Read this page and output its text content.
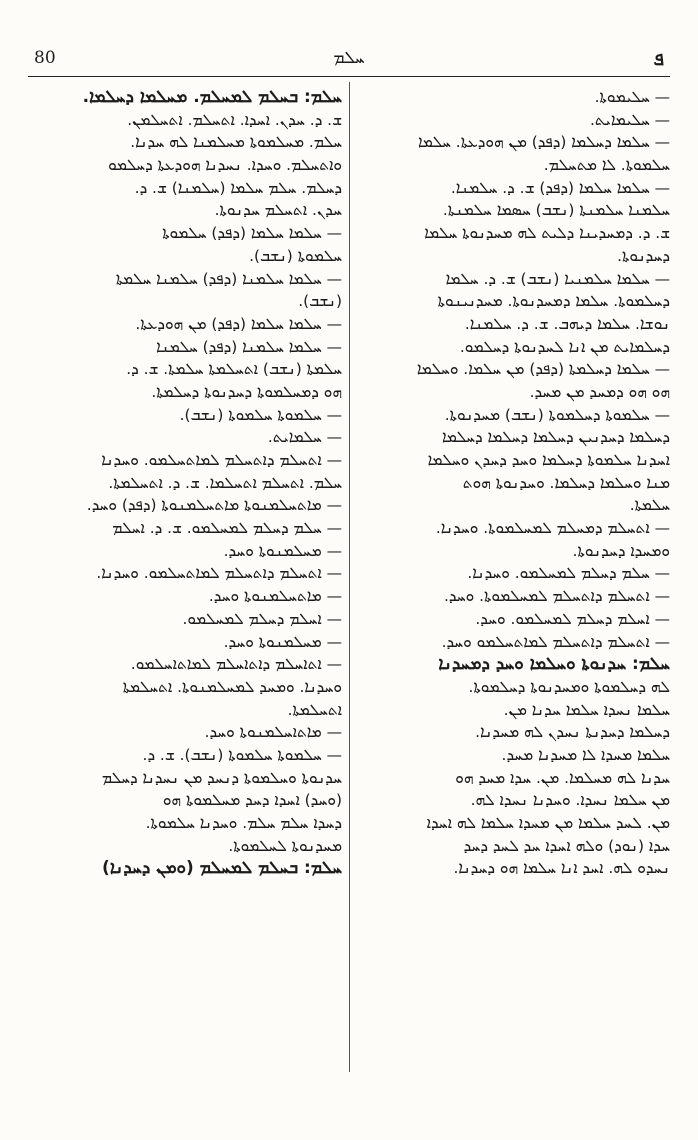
80	ܚܠܡ	ܦ
— ܚܠܝܡܘܬܐ.
— ܚܠܝܡܐܝܬ.
— ܚܠܡܐ ܕܚܠܡܐ (ܕܦܕ) ܡܢ ܗܘܕܥܬܐ. ܚܠܡܐ
ܚܠܡܘܬܐ. ܠܐ ܡܬܚܠܡ.
— ܚܠܡܐ ܚܠܡܐ (ܕܦܕ) ܫ. ܕ. ܚܠܡܢܐ.
ܚܠܡܢܐ ܚܠܡܢܬܐ (ܢܫܒ) ܚܣܡܐ ܚܠܡܢܬܐ.
ܫ. ܕ. ܕܡܚܕܝܢܐ ܕܠܝܬ ܠܗ ܡܚܕܢܘܬܐ ܚܠܡܐ
ܕܚܕܢܘܬܐ.
— ܚܠܡܐ ܚܠܡܢܝܐ (ܢܫܒ) ܫ. ܕ. ܚܠܡܐ
ܕܚܠܡܘܬܐ. ܚܠܡܐ ܕܡܚܕܢܘܬܐ. ܡܚܕܢܝܢܘܬܐ
ܢܘܫܐ. ܚܠܡܐ ܕܝܗܒ. ܫ. ܕ. ܚܠܡܢܐ.
ܕܚܠܡܐܝܬ ܡܢ ܐܢܐ ܠܚܕܢܘܬܐ ܕܚܠܡܘ.
— ܚܠܡܐ ܕܚܠܡܬܐ (ܕܦܕ) ܡܢ ܚܠܡܐ. ܘܚܠܡܐ
ܗܘ ܗܘ ܕܡܚܕ ܡܢ ܡܚܕ.
— ܚܠܡܘܬܐ ܕܚܠܡܘܬܐ (ܢܫܒ) ܡܚܕܢܘܬܐ.
ܕܚܠܡܐ ܕܚܕܢܝܢ ܕܚܠܡܐ ܕܚܠܡܐ ܕܚܠܡܐ
ܐܚܕܢܐ ܚܠܡܘܬܐ ܕܚܠܡܐ ܘܚܕ ܕܚܕܢ ܘܚܠܡܐ
ܡܢܐ ܘܚܠܡܐ ܕܚܠܡܐ. ܘܚܕܢܘܬܐ ܗܘܬ
ܚܠܡܬܐ.
— ܐܬܚܠܡ ܕܡܚܠܡ ܠܡܚܠܡܘܬܐ. ܘܚܕܢܐ.
ܘܡܚܕܐ ܕܚܕܢܘܬܐ.
— ܚܠܡ ܕܚܠܡ ܠܡܚܠܡܘ. ܘܚܕܢܐ.
— ܐܬܚܠܡ ܕܐܬܚܠܡ ܠܡܚܠܡܘܬܐ. ܘܚܕ.
— ܐܚܠܡ ܕܚܠܡ ܠܡܚܠܡܘ. ܘܚܕ.
— ܐܬܚܠܡ ܕܐܬܚܠܡ ܠܡܐܬܚܠܡܘ ܘܚܕ.
ܚܠܡ: ܚܕܢܘܬܐ ܘܚܠܡܐ ܘܚܕ ܕܡܚܕܢܐ
ܠܗ ܕܚܠܡܘܬܐ ܘܡܚܕܢܘܬܐ ܕܚܠܡܘܬܐ.
ܚܠܡܐ ܢܚܕܐ ܚܠܡܐ ܚܕܢܐ ܡܢ.
ܕܚܠܡܐ ܕܚܕܢܬܐ ܢܚܕܢ ܠܗ ܡܚܕܢܐ.
ܚܠܡܐ ܡܚܕܐ ܠܐ ܡܚܕܢܐ ܡܚܕ.
ܚܕܢܐ ܠܗ ܡܚܠܡܐ. ܡܢ. ܚܕܐ ܡܚܕ ܗܘ
ܡܢ ܚܠܡܐ ܢܚܕܐ. ܘܚܕܢܐ ܢܚܕܐ ܠܗ.
ܡܢ. ܠܚܕ ܚܠܡܐ ܡܢ ܡܚܕܐ ܚܠܡܐ ܠܗ ܐܚܕܐ
ܚܕܐ (ܢܘܕ) ܘܠܗ ܐܚܕܐ ܚܕ ܠܚܕ ܕܚܕ
ܢܚܕܘ ܠܗ. ܐܚܕ ܐܢܐ ܚܠܡܐ ܗܘ ܕܚܕܢܐ.
ܚܠܡ: ܒܚܠܡ ܠܡܚܠܡ. ܡܚܠܡܐ ܕܚܠܡܐ.
ܫ. ܕ. ܚܕܢ. ܐܚܕܐ. ܐܬܚܠܡ. ܐܬܚܠܡܢ.
ܚܠܡ. ܡܚܠܡܘܬܐ ܡܚܠܡܢܐ ܠܗ ܚܕܢܐ.
ܘܐܬܚܠܡ. ܘܚܕܐ. ܢܚܕܢܐ ܗܘܕܥܬܐ ܕܚܠܡܘ
ܕܚܠܡ. ܚܠܡ ܚܠܡܐ (ܚܠܡܢܐ) ܫ. ܕ.
ܚܕܢ. ܐܬܚܠܡ ܚܕܢܘܬܐ.
— ܚܠܡܐ ܚܠܡܐ (ܕܦܕ) ܚܠܡܘܬܐ
ܚܠܡܘܬܐ (ܢܫܒ).
— ܚܠܡܐ ܚܠܡܢܐ (ܕܦܕ) ܚܠܡܢܐ ܚܠܡܬܐ
(ܢܫܒ).
— ܚܠܡܐ ܚܠܡܐ (ܕܦܕ) ܡܢ ܗܘܕܥܬܐ.
— ܚܠܡܐ ܚܠܡܢܐ (ܕܦܕ) ܚܠܡܢܐ
ܚܠܡܬܐ (ܢܫܒ) ܐܬܚܠܡܬܐ ܚܠܡܬܐ. ܫ. ܕ.
ܗܘ ܕܡܚܠܡܘܬܐ ܕܚܕܢܘܬܐ ܕܚܠܡܬܐ.
— ܚܠܡܘܬܐ ܚܠܡܘܬܐ (ܢܫܒ).
— ܚܠܡܐܝܬ.
— ܐܬܚܠܡ ܕܐܬܚܠܡ ܠܡܐܬܚܠܡܘ. ܘܚܕܢܐ
ܚܠܡ. ܐܬܚܠܡ ܐܬܚܠܡܐ. ܫ. ܕ. ܐܬܚܠܡܬܐ.
— ܡܐܬܚܠܡܢܘܬܐ ܡܐܬܚܠܡܢܘܬܐ (ܕܦܕ) ܘܚܕ.
— ܚܠܡ ܕܚܠܡ ܠܡܚܠܡܘ. ܫ. ܕ. ܐܚܠܡ
— ܡܚܠܡܢܘܬܐ ܘܚܕ.
— ܐܬܚܠܡ ܕܐܬܚܠܡ ܠܡܐܬܚܠܡܘ. ܘܚܕܢܐ.
— ܡܐܬܚܠܡܢܘܬܐ ܘܚܕ.
— ܐܚܠܡ ܕܚܠܡ ܠܡܚܠܡܘ.
— ܡܚܠܡܢܘܬܐ ܘܚܕ.
— ܐܬܐܚܠܡ ܕܐܬܐܚܠܡ ܠܡܐܬܐܚܠܡܘ.
ܘܚܕܢܐ. ܘܡܚܕ ܠܡܚܠܡܢܘܬܐ. ܐܬܚܠܡܬܐ
ܐܬܚܠܡܬܐ.
— ܡܐܬܐܚܠܡܢܘܬܐ ܘܚܕ.
— ܚܠܡܘܬܐ ܚܠܡܘܬܐ (ܢܫܒ). ܫ. ܕ.
ܚܕܢܘܬܐ ܘܚܠܡܘܬܐ ܕܢܚܕ ܡܢ ܢܚܕܢܐ ܕܚܠܡ
(ܘܚܕ) ܐܚܕܐ ܕܚܕ ܡܚܠܡܘܬܐ ܗܘ
ܕܚܕܐ ܚܠܡ ܚܠܡ. ܘܚܕܢܐ ܚܠܡܘܬܐ.
ܡܚܕܢܘܬܐ ܠܚܠܡܘܬܐ.
ܚܠܡ: ܒܚܠܡ ܠܡܚܠܡ (ܘܡܢ ܕܚܕܢܐ)
